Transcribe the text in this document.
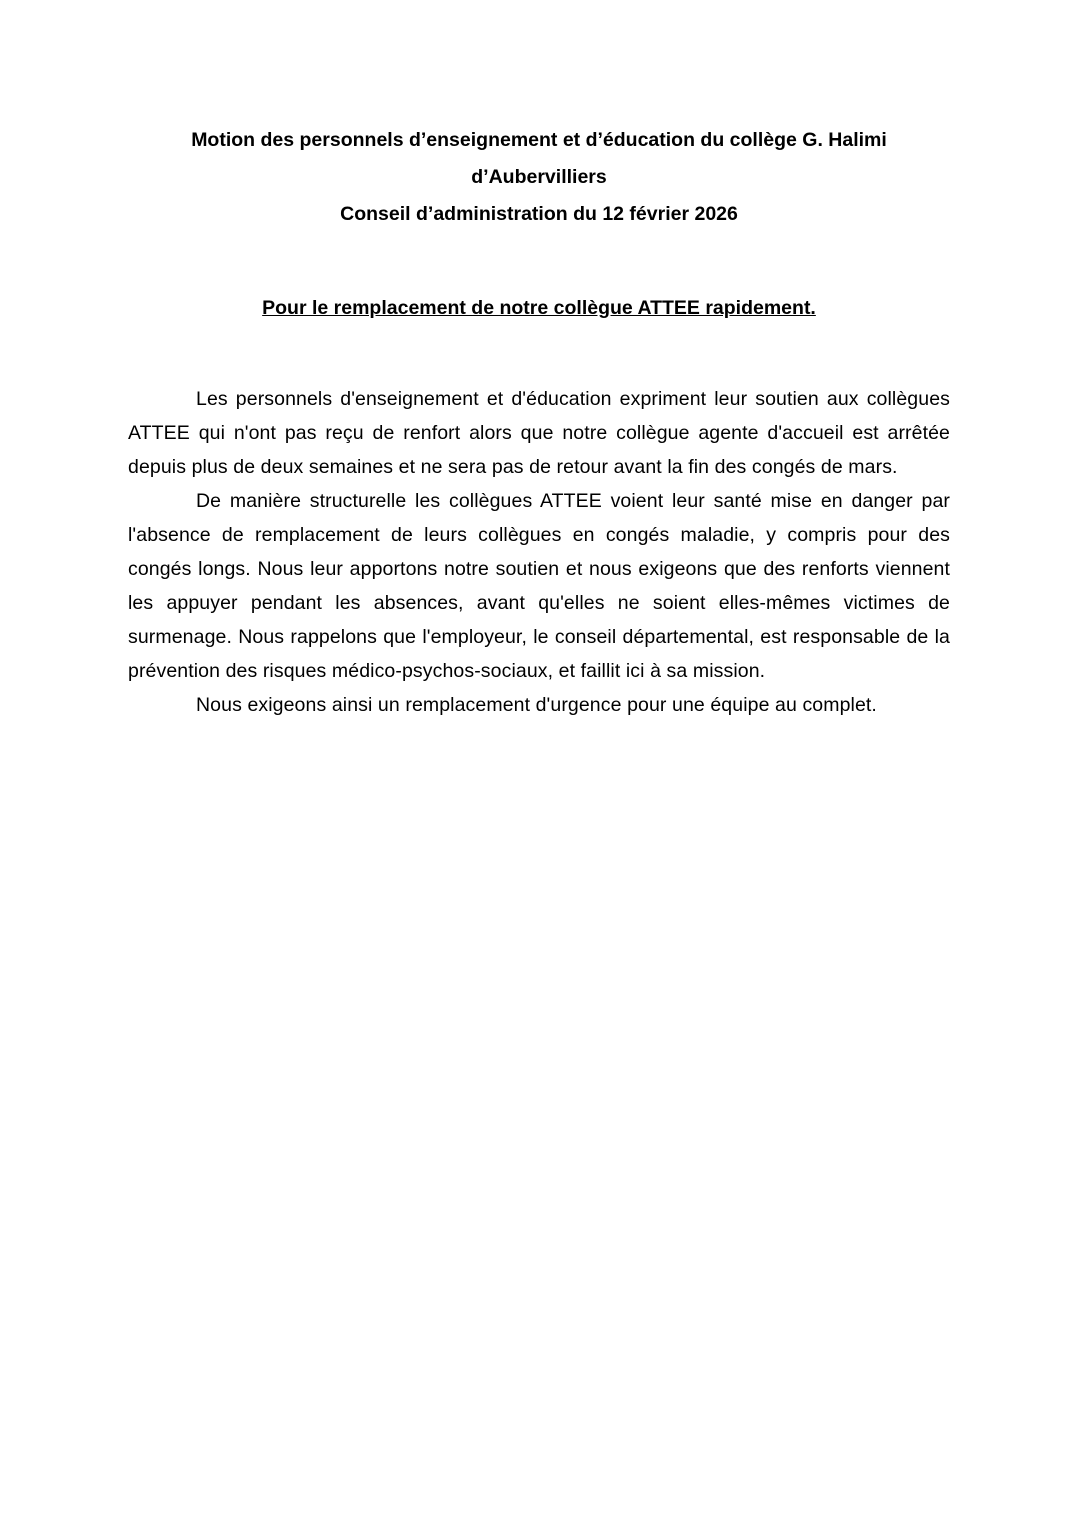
Motion des personnels d’enseignement et d’éducation du collège G. Halimi d’Aubervilliers
Conseil d’administration du 12 février 2026
Pour le remplacement de notre collègue ATTEE rapidement.

Les personnels d'enseignement et d'éducation expriment leur soutien aux collègues ATTEE qui n'ont pas reçu de renfort alors que notre collègue agente d'accueil est arrêtée depuis plus de deux semaines et ne sera pas de retour avant la fin des congés de mars.

De manière structurelle les collègues ATTEE voient leur santé mise en danger par l'absence de remplacement de leurs collègues en congés maladie, y compris pour des congés longs. Nous leur apportons notre soutien et nous exigeons que des renforts viennent les appuyer pendant les absences, avant qu'elles ne soient elles-mêmes victimes de surmenage. Nous rappelons que l'employeur, le conseil départemental, est responsable de la prévention des risques médico-psychos-sociaux, et faillit ici à sa mission.

Nous exigeons ainsi un remplacement d'urgence pour une équipe au complet.
